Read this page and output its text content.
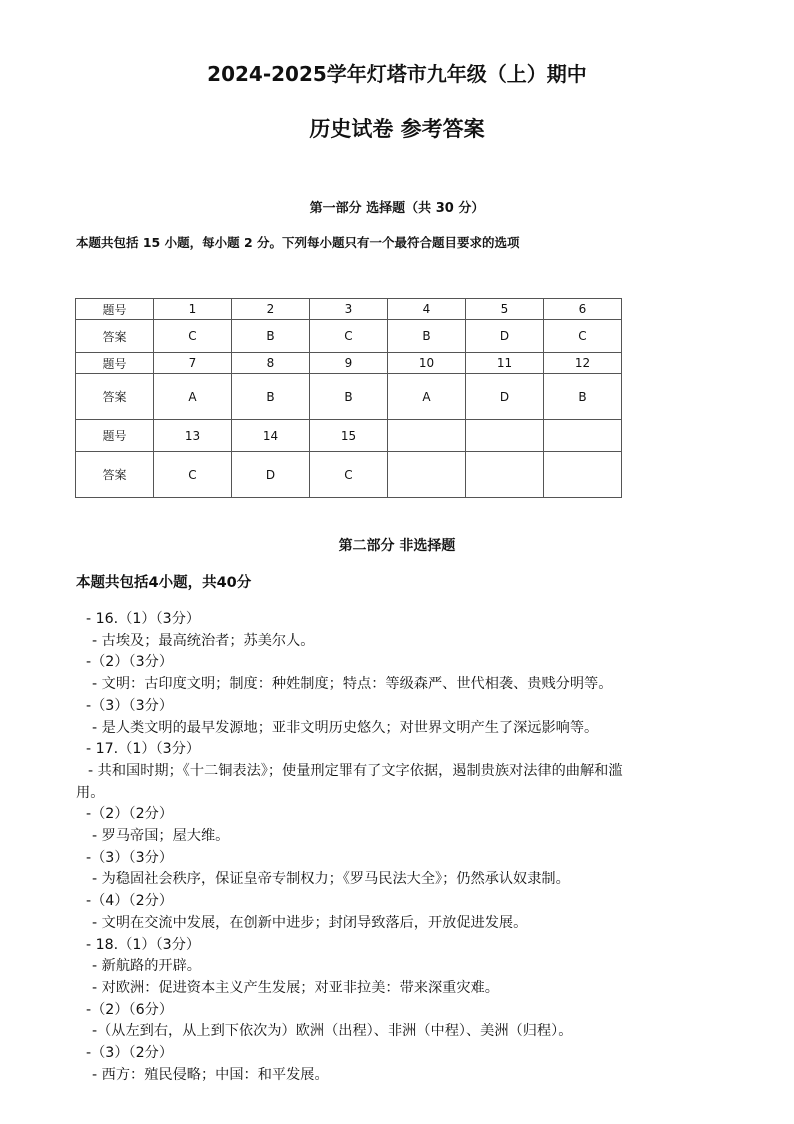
2024-2025学年灯塔市九年级（上）期中
历史试卷 参考答案
第一部分 选择题（共 30 分）
本题共包括 15 小题，每小题 2 分。下列每小题只有一个最符合题目要求的选项
题号	1	2	3	4	5	6
答案	C	B	C	B	D	C
题号	7	8	9	10	11	12
答案	A	B	B	A	D	B
题号	13	14	15			
答案	C	D	C			
第二部分 非选择题
本题共包括4小题，共40分
- 16.（1）（3分）
- 古埃及；最高统治者；苏美尔人。
-（2）（3分）
- 文明：古印度文明；制度：种姓制度；特点：等级森严、世代相袭、贵贱分明等。
-（3）（3分）
- 是人类文明的最早发源地；亚非文明历史悠久；对世界文明产生了深远影响等。
- 17.（1）（3分）
- 共和国时期；《十二铜表法》；使量刑定罪有了文字依据，遏制贵族对法律的曲解和滥
用。
-（2）（2分）
- 罗马帝国；屋大维。
-（3）（3分）
- 为稳固社会秩序，保证皇帝专制权力；《罗马民法大全》；仍然承认奴隶制。
-（4）（2分）
- 文明在交流中发展，在创新中进步；封闭导致落后，开放促进发展。
- 18.（1）（3分）
- 新航路的开辟。
- 对欧洲：促进资本主义产生发展；对亚非拉美：带来深重灾难。
-（2）（6分）
-（从左到右，从上到下依次为）欧洲（出程）、非洲（中程）、美洲（归程）。
-（3）（2分）
- 西方：殖民侵略；中国：和平发展。
